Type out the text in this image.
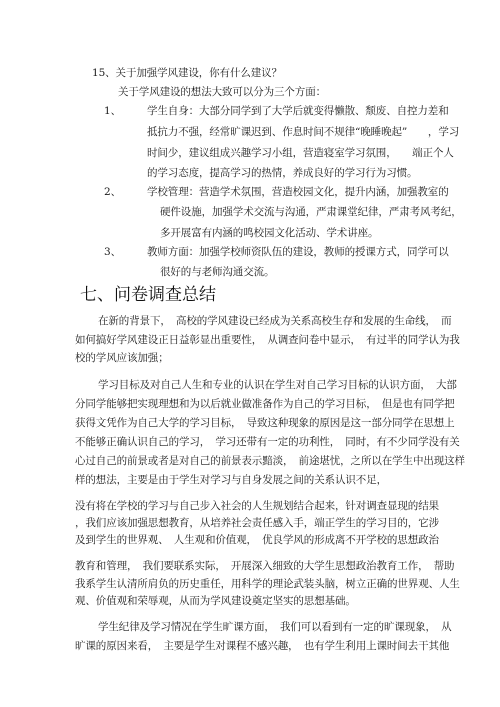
15、关于加强学风建设，你有什么建议？
关于学风建设的想法大致可以分为三个方面：
1、 学生自身：大部分同学到了大学后就变得懒散、颓废、自控力差和
抵抗力不强，经常旷课迟到、作息时间不规律“晚睡晚起”　　，学习
时间少，建议组成兴趣学习小组，营造寝室学习氛围，　　端正个人
的学习态度，提高学习的热情，养成良好的学习行为习惯。
2、 学校管理：营造学术氛围，营造校园文化，提升内涵，加强教室的
硬件设施，加强学术交流与沟通，严肃课堂纪律，严肃考风考纪，
多开展富有内涵的鸣校园文化活动、学术讲座。
3、 教师方面：加强学校师资队伍的建设，教师的授课方式，同学可以
很好的与老师沟通交流。
七、问卷调查总结
在新的背景下，　高校的学风建设已经成为关系高校生存和发展的生命线，　而
如何搞好学风建设正日益彰显出重要性，　从调查问卷中显示，　有过半的同学认为我
校的学风应该加强；
学习目标及对自己人生和专业的认识在学生对自己学习目标的认识方面，　大部
分同学能够把实现理想和为以后就业做准备作为自己的学习目标，　但是也有同学把
获得文凭作为自己大学的学习目标，　导致这种现象的原因是这一部分同学在思想上
不能够正确认识自己的学习，　学习还带有一定的功利性，　同时，有不少同学没有关
心过自己的前景或者是对自己的前景表示黯淡，　前途堪忧，之所以在学生中出现这样
样的想法，主要是由于学生对学习与自身发展之间的关系认识不足，
没有将在学校的学习与自己步入社会的人生规划结合起来，针对调查显现的结果
，我们应该加强思想教育，从培养社会责任感入手，端正学生的学习目的，它涉
及到学生的世界观、　人生观和价值观，　优良学风的形成离不开学校的思想政治
教育和管理，　我们要联系实际，　开展深入细致的大学生思想政治教育工作，　帮助
我系学生认清所肩负的历史重任，用科学的理论武装头脑，树立正确的世界观、人生
观、价值观和荣辱观，从而为学风建设奠定坚实的思想基础。
学生纪律及学习情况在学生旷课方面，　我们可以看到有一定的旷课现象，　从
旷课的原因来看，　主要是学生对课程不感兴趣，　也有学生利用上课时间去干其他
